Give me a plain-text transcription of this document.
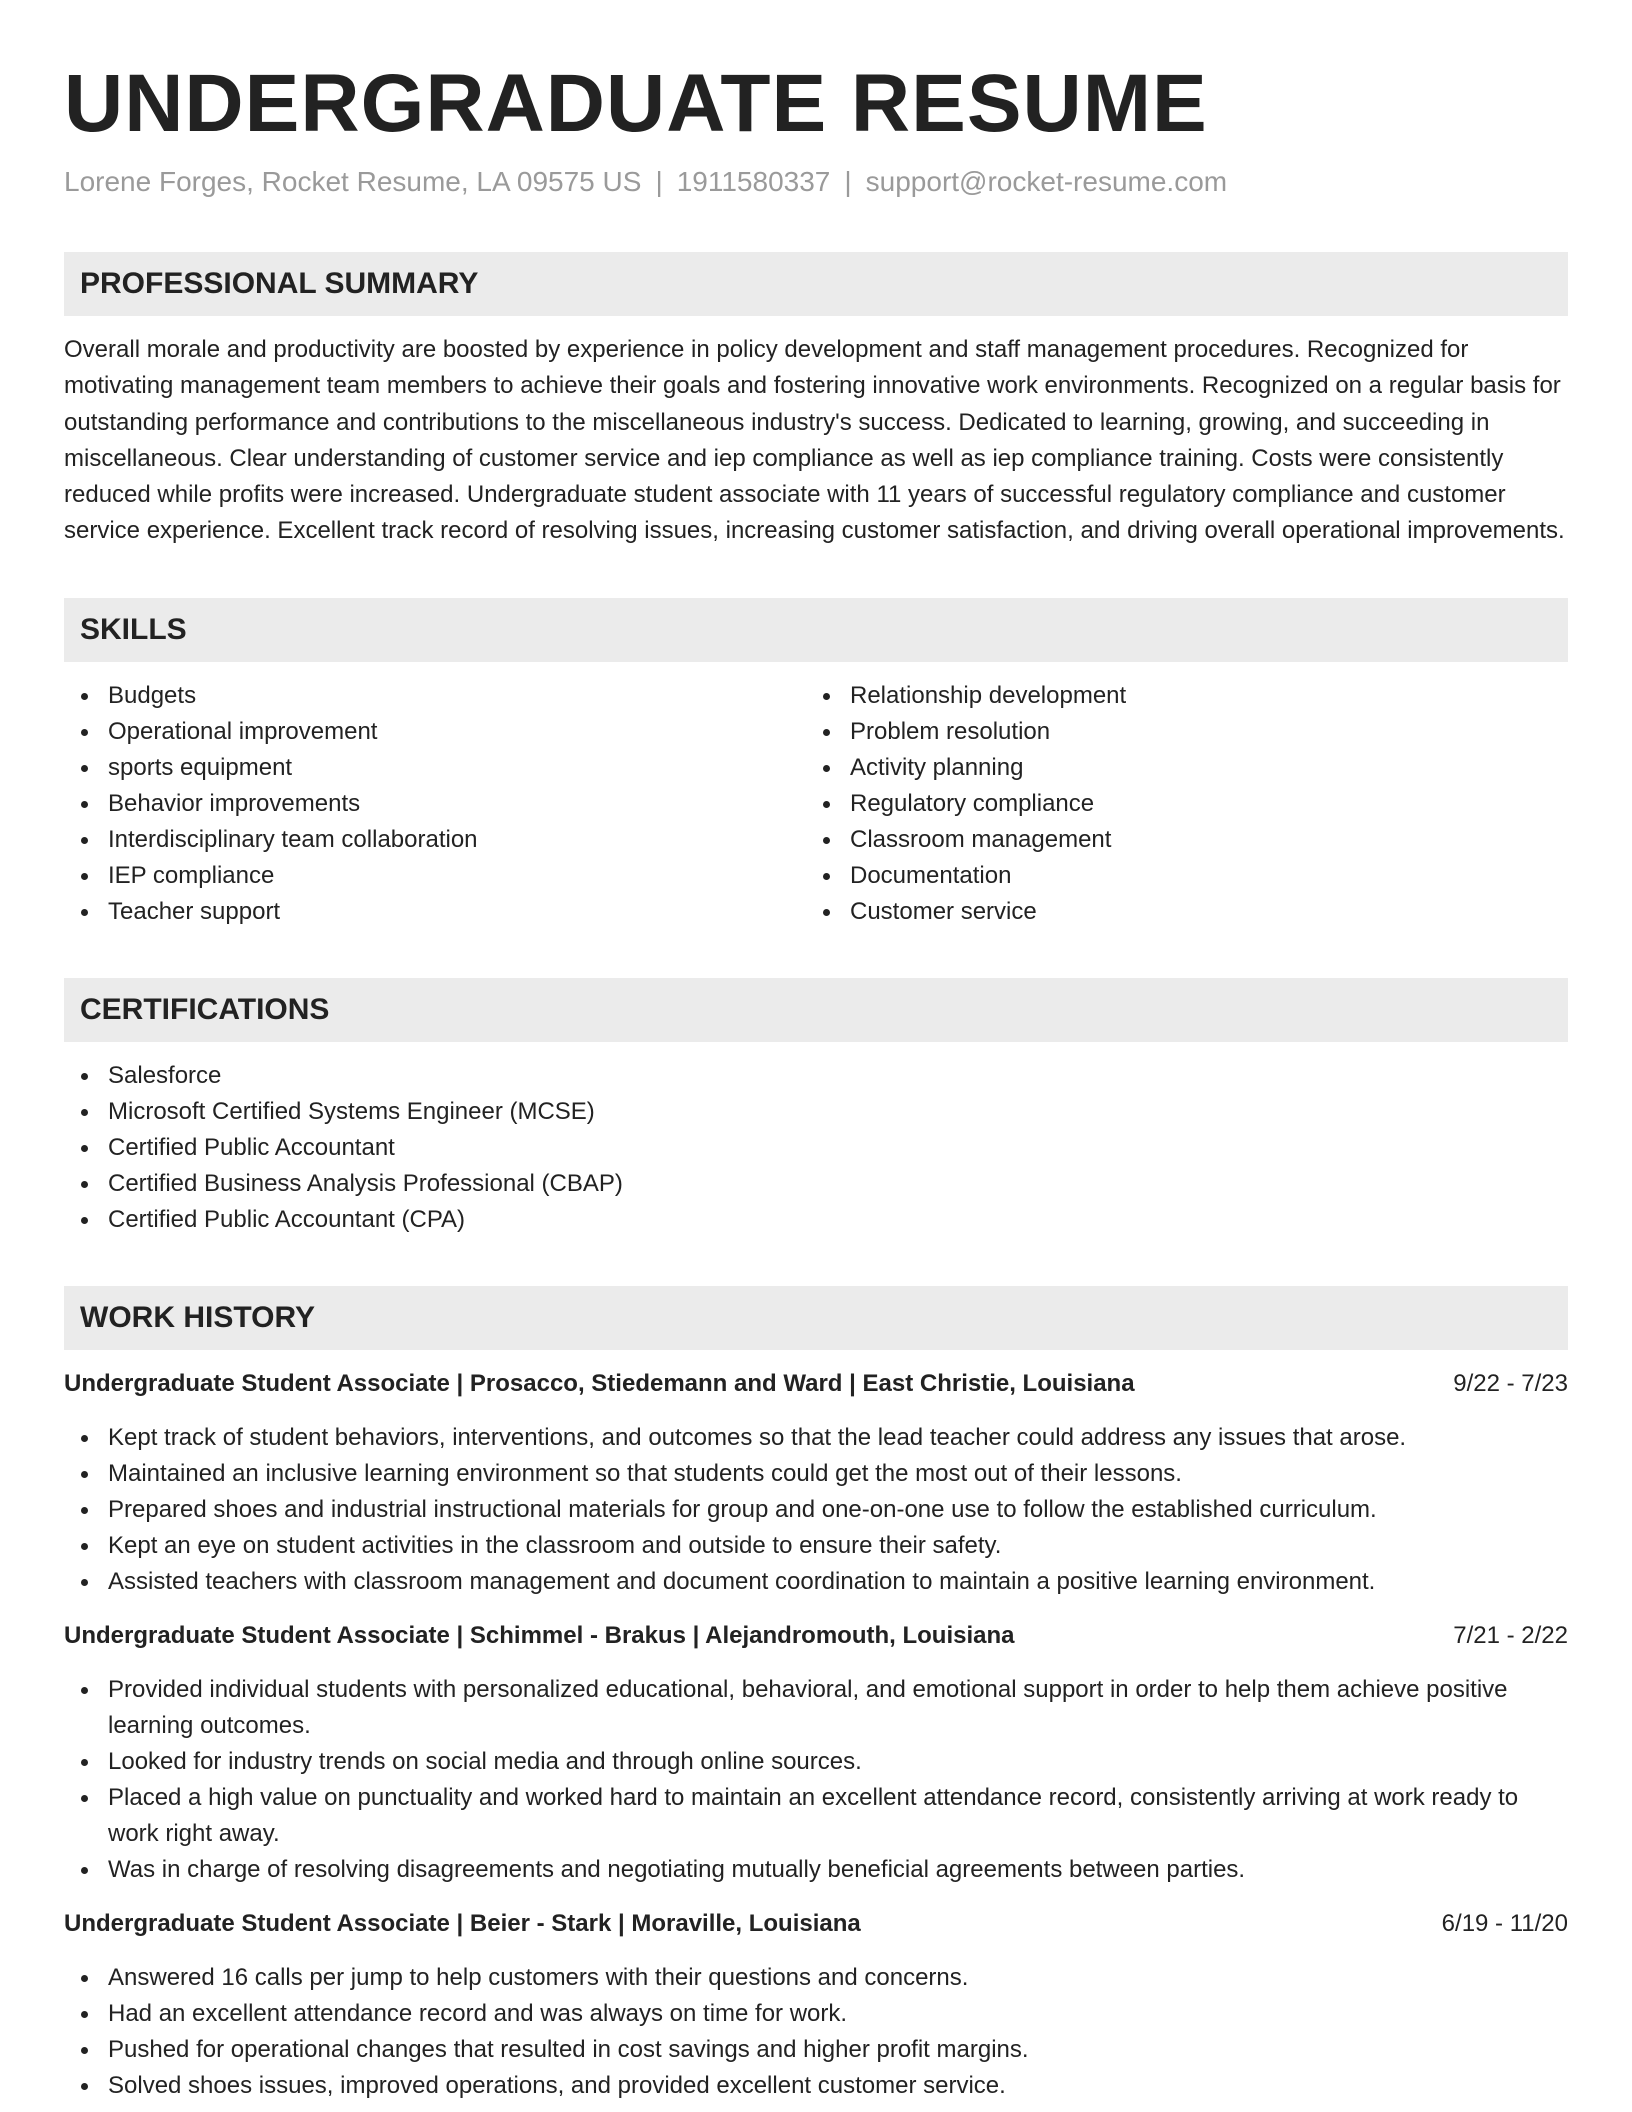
UNDERGRADUATE RESUME
Lorene Forges, Rocket Resume, LA 09575 US | 1911580337 | support@rocket-resume.com
PROFESSIONAL SUMMARY
Overall morale and productivity are boosted by experience in policy development and staff management procedures. Recognized for motivating management team members to achieve their goals and fostering innovative work environments. Recognized on a regular basis for outstanding performance and contributions to the miscellaneous industry's success. Dedicated to learning, growing, and succeeding in miscellaneous. Clear understanding of customer service and iep compliance as well as iep compliance training. Costs were consistently reduced while profits were increased. Undergraduate student associate with 11 years of successful regulatory compliance and customer service experience. Excellent track record of resolving issues, increasing customer satisfaction, and driving overall operational improvements.
SKILLS
Budgets
Operational improvement
sports equipment
Behavior improvements
Interdisciplinary team collaboration
IEP compliance
Teacher support
Relationship development
Problem resolution
Activity planning
Regulatory compliance
Classroom management
Documentation
Customer service
CERTIFICATIONS
Salesforce
Microsoft Certified Systems Engineer (MCSE)
Certified Public Accountant
Certified Business Analysis Professional (CBAP)
Certified Public Accountant (CPA)
WORK HISTORY
Undergraduate Student Associate | Prosacco, Stiedemann and Ward | East Christie, Louisiana	9/22 - 7/23
Kept track of student behaviors, interventions, and outcomes so that the lead teacher could address any issues that arose.
Maintained an inclusive learning environment so that students could get the most out of their lessons.
Prepared shoes and industrial instructional materials for group and one-on-one use to follow the established curriculum.
Kept an eye on student activities in the classroom and outside to ensure their safety.
Assisted teachers with classroom management and document coordination to maintain a positive learning environment.
Undergraduate Student Associate | Schimmel - Brakus | Alejandromouth, Louisiana	7/21 - 2/22
Provided individual students with personalized educational, behavioral, and emotional support in order to help them achieve positive learning outcomes.
Looked for industry trends on social media and through online sources.
Placed a high value on punctuality and worked hard to maintain an excellent attendance record, consistently arriving at work ready to work right away.
Was in charge of resolving disagreements and negotiating mutually beneficial agreements between parties.
Undergraduate Student Associate | Beier - Stark | Moraville, Louisiana	6/19 - 11/20
Answered 16 calls per jump to help customers with their questions and concerns.
Had an excellent attendance record and was always on time for work.
Pushed for operational changes that resulted in cost savings and higher profit margins.
Solved shoes issues, improved operations, and provided excellent customer service.
